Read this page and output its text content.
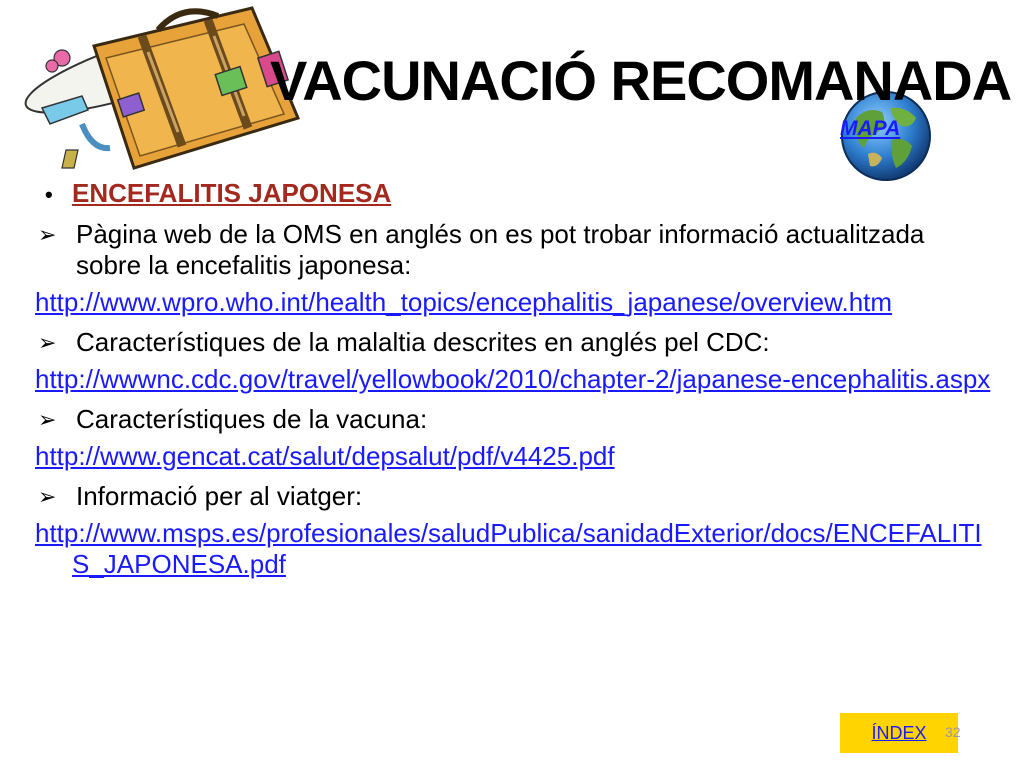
VACUNACIÓ RECOMANADA
MAPA
• ENCEFALITIS JAPONESA
➢ Pàgina web de la OMS en anglés on es pot trobar informació actualitzada sobre la encefalitis japonesa:
http://www.wpro.who.int/health_topics/encephalitis_japanese/overview.htm
➢ Característiques de la malaltia descrites en anglés pel CDC:
http://wwwnc.cdc.gov/travel/yellowbook/2010/chapter-2/japanese-encephalitis.aspx
➢ Característiques de la vacuna:
http://www.gencat.cat/salut/depsalut/pdf/v4425.pdf
➢ Informació per al viatger:
http://www.msps.es/profesionales/saludPublica/sanidadExterior/docs/ENCEFALITIS_JAPONESA.pdf
ÍNDEX	32
